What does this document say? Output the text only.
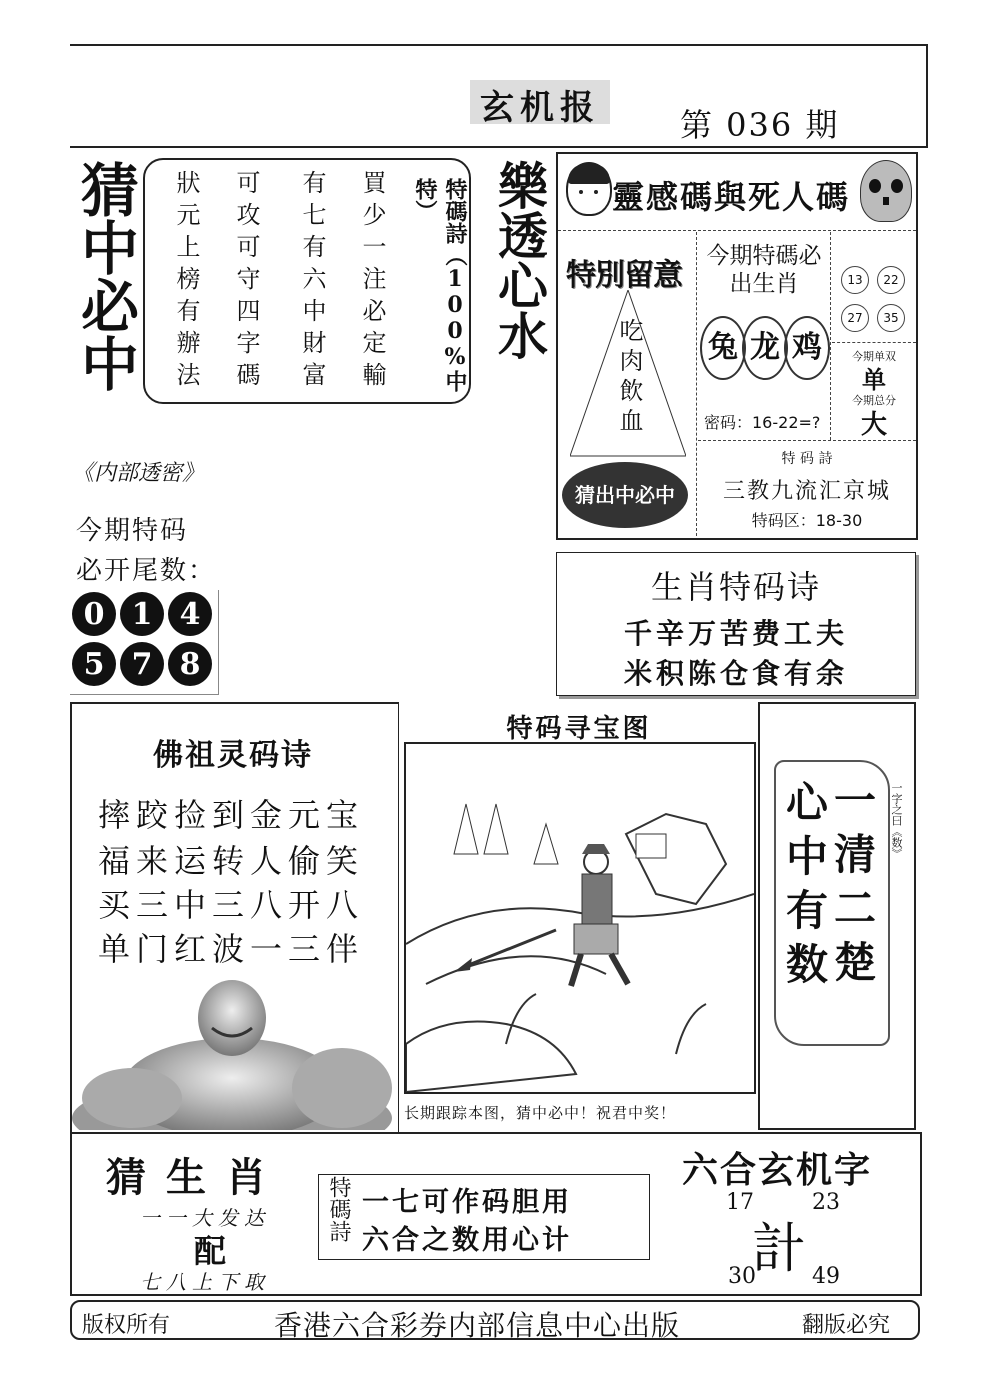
玄机报	第 036 期
猜中必中 狀元上榜有辦法 可攻可守四字碼 有七有六中財富 買少一注必定輸	特碼詩（100%中特）	樂透心水 靈感碼與死人碼
特別留意
吃肉飲血
猜出中必中
今期特碼必出生肖
兔 龙 鸡
密码：16-22=?
13	22
27	35
今期单双
单
今期总分
大
特 码 詩
三教九流汇京城
特码区：18-30
《内部透密》
今期特码
必开尾数：
0 1 4
5 7 8
生肖特码诗
千辛万苦费工夫
米积陈仓食有余
佛祖灵码诗
摔跤捡到金元宝
福来运转人偷笑
买三中三八开八
单门红波一三伴
特码寻宝图
长期跟踪本图，猜中必中！祝君中奖！
一清二楚
心中有数	一字之曰《数》
猜生肖
一一大发达
配
七八上下取
特碼詩 一七可作码胆用
六合之数用心计
六合玄机字
17	23
計
30	49
版权所有	香港六合彩券内部信息中心出版	翻版必究
